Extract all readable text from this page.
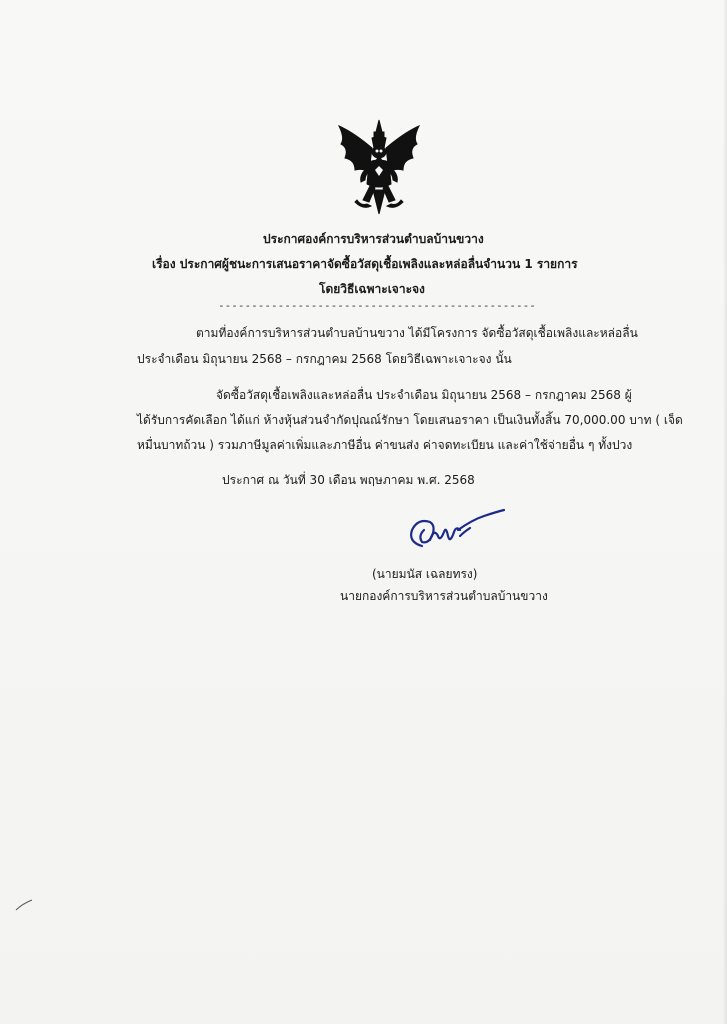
ประกาศองค์การบริหารส่วนตำบลบ้านขวาง
เรื่อง ประกาศผู้ชนะการเสนอราคาจัดซื้อวัสดุเชื้อเพลิงและหล่อลื่นจำนวน 1 รายการ
โดยวิธีเฉพาะเจาะจง
------------------------------------------------
ตามที่องค์การบริหารส่วนตำบลบ้านขวาง ได้มีโครงการ จัดซื้อวัสดุเชื้อเพลิงและหล่อลื่น
ประจำเดือน มิถุนายน 2568 – กรกฎาคม 2568 โดยวิธีเฉพาะเจาะจง นั้น
จัดซื้อวัสดุเชื้อเพลิงและหล่อลื่น ประจำเดือน มิถุนายน 2568 – กรกฎาคม 2568 ผู้
ได้รับการคัดเลือก ได้แก่ ห้างหุ้นส่วนจำกัดปุณณ์รักษา โดยเสนอราคา เป็นเงินทั้งสิ้น 70,000.00 บาท ( เจ็ด
หมื่นบาทถ้วน ) รวมภาษีมูลค่าเพิ่มและภาษีอื่น ค่าขนส่ง ค่าจดทะเบียน และค่าใช้จ่ายอื่น ๆ ทั้งปวง
ประกาศ ณ วันที่ 30 เดือน พฤษภาคม พ.ศ. 2568
(นายมนัส เฉลยทรง)
นายกองค์การบริหารส่วนตำบลบ้านขวาง
